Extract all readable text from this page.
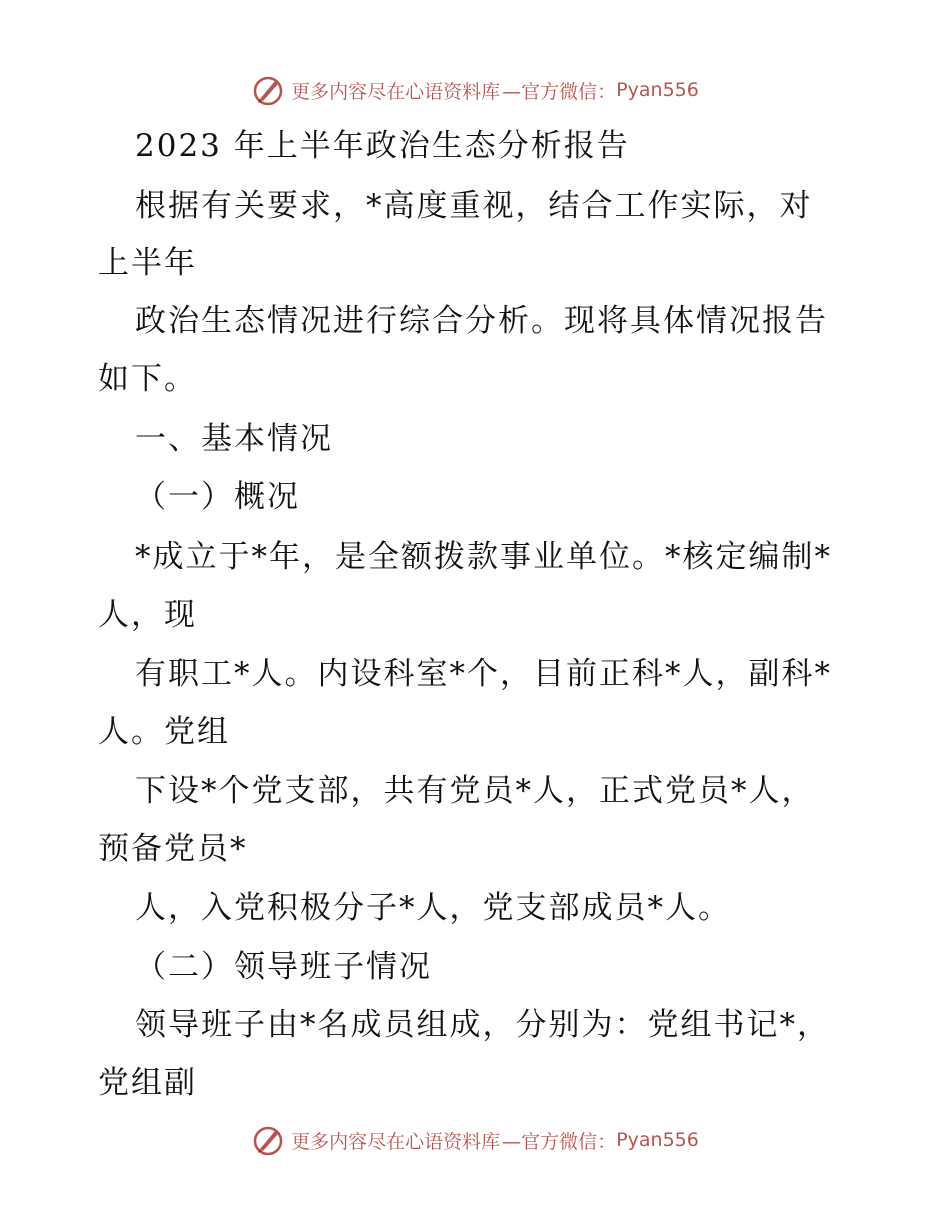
更多内容尽在心语资料库 —官方微信： Pyan556
2023 年上半年政治生态分析报告
根据有关要求，*高度重视，结合工作实际，对
上半年
政治生态情况进行综合分析。现将具体情况报告
如下。
一、基本情况
（一）概况
*成立于*年，是全额拨款事业单位。*核定编制*
人，现
有职工*人。内设科室*个，目前正科*人，副科*
人。党组
下设*个党支部，共有党员*人，正式党员*人，
预备党员*
人，入党积极分子*人，党支部成员*人。
（二）领导班子情况
领导班子由*名成员组成，分别为：党组书记*，
党组副
更多内容尽在心语资料库 —官方微信： Pyan556
